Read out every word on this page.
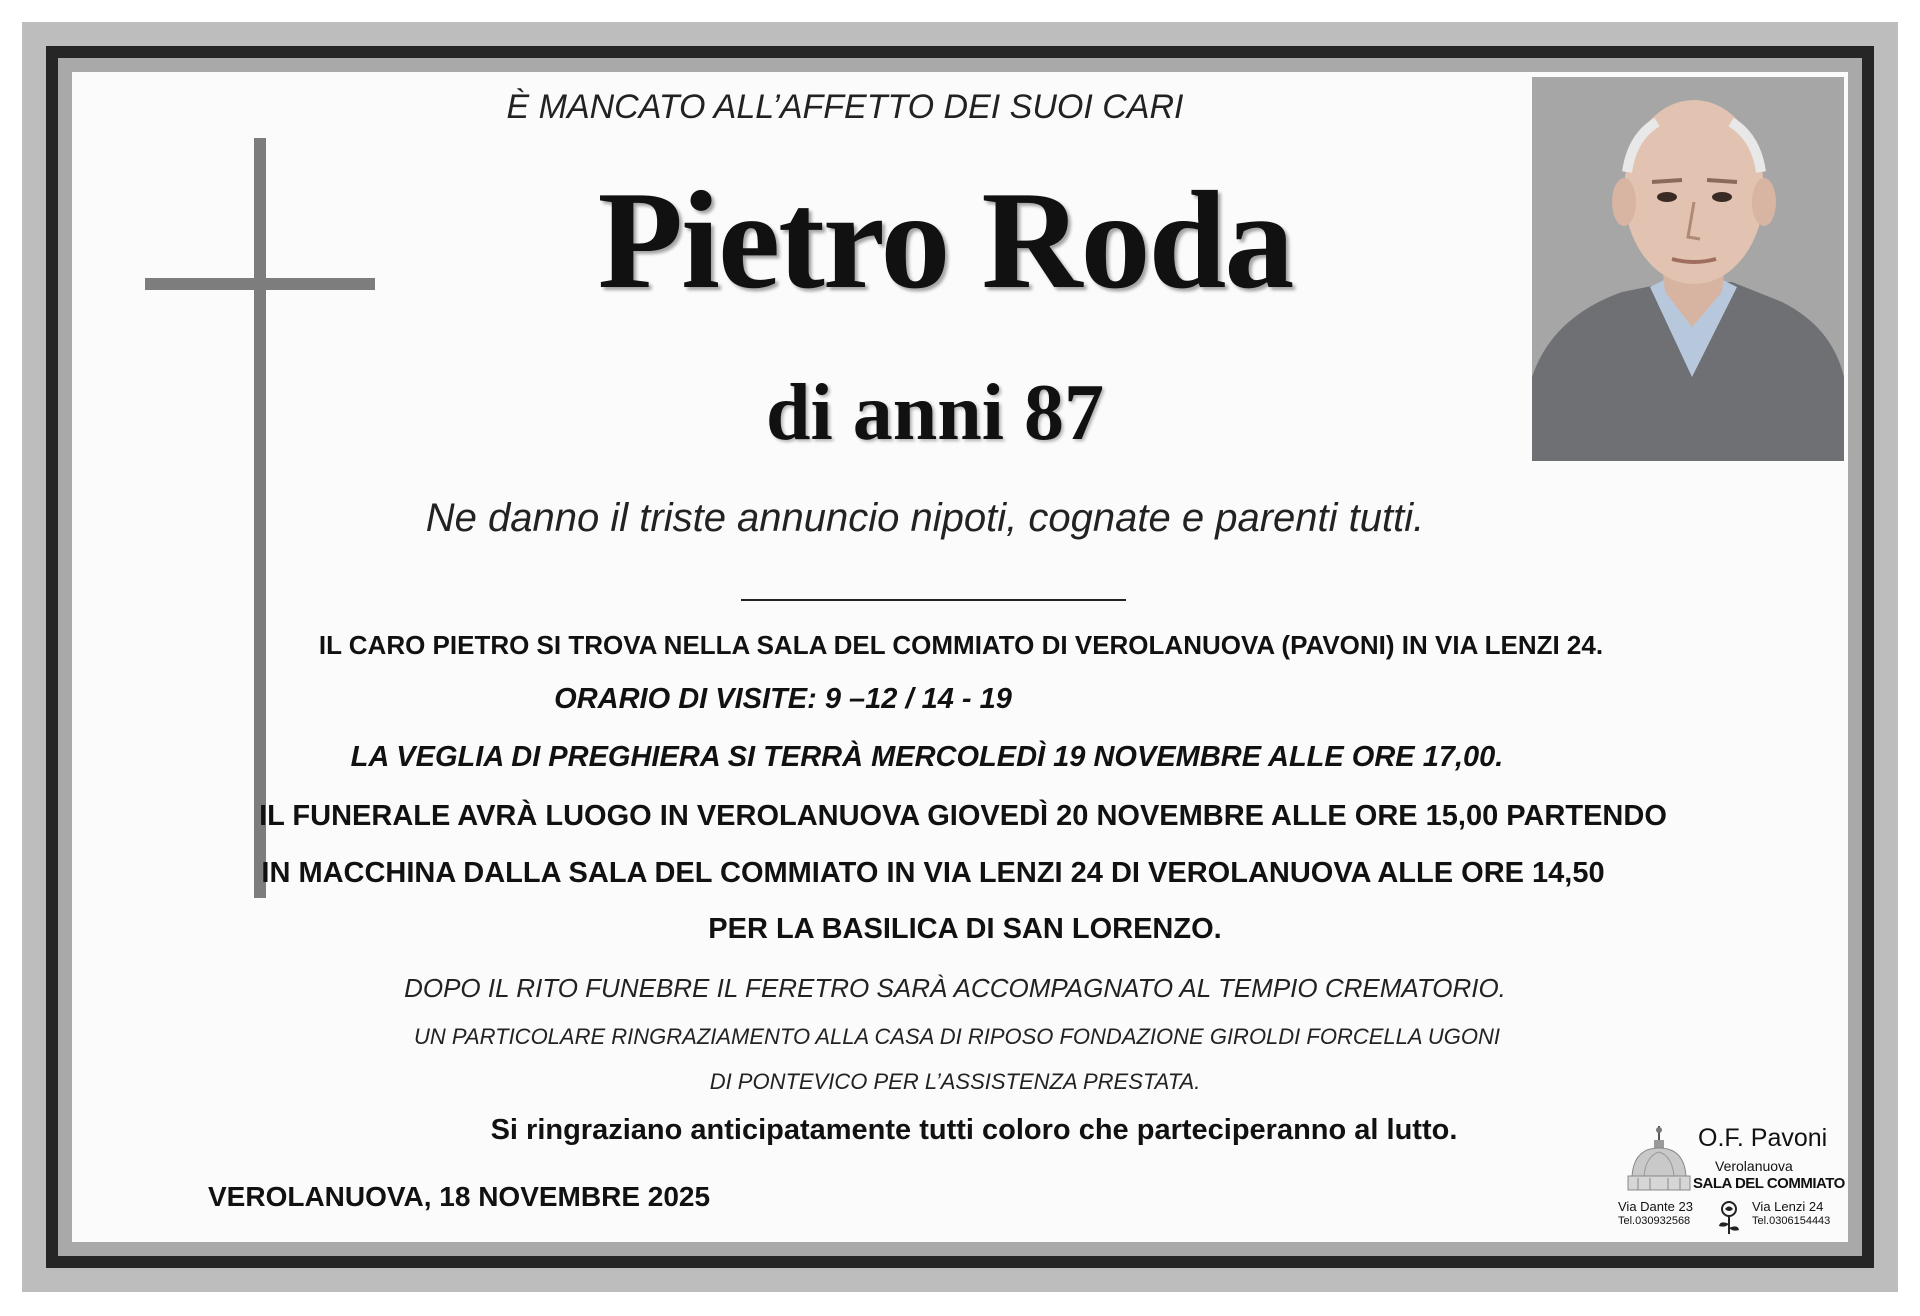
È MANCATO ALL’AFFETTO DEI SUOI CARI
Pietro Roda
di anni 87
Ne danno il triste annuncio nipoti, cognate e parenti tutti.
IL CARO PIETRO SI TROVA NELLA SALA DEL COMMIATO DI VEROLANUOVA (PAVONI) IN VIA LENZI 24.
ORARIO DI VISITE: 9 –12 / 14 - 19
LA VEGLIA DI PREGHIERA SI TERRÀ MERCOLEDÌ 19 NOVEMBRE ALLE ORE 17,00.
IL FUNERALE AVRÀ LUOGO IN VEROLANUOVA GIOVEDÌ 20 NOVEMBRE ALLE ORE 15,00 PARTENDO
IN MACCHINA DALLA SALA DEL COMMIATO IN VIA LENZI 24 DI VEROLANUOVA ALLE ORE 14,50
PER LA BASILICA DI SAN LORENZO.
DOPO IL RITO FUNEBRE IL FERETRO SARÀ ACCOMPAGNATO AL TEMPIO CREMATORIO.
UN PARTICOLARE RINGRAZIAMENTO ALLA CASA DI RIPOSO FONDAZIONE GIROLDI FORCELLA UGONI
DI PONTEVICO PER L’ASSISTENZA PRESTATA.
Si ringraziano anticipatamente tutti coloro che parteciperanno al lutto.
VEROLANUOVA, 18 NOVEMBRE 2025
O.F. Pavoni
Verolanuova
SALA DEL COMMIATO
Via Dante 23
Tel.030932568
Via Lenzi 24
Tel.0306154443
